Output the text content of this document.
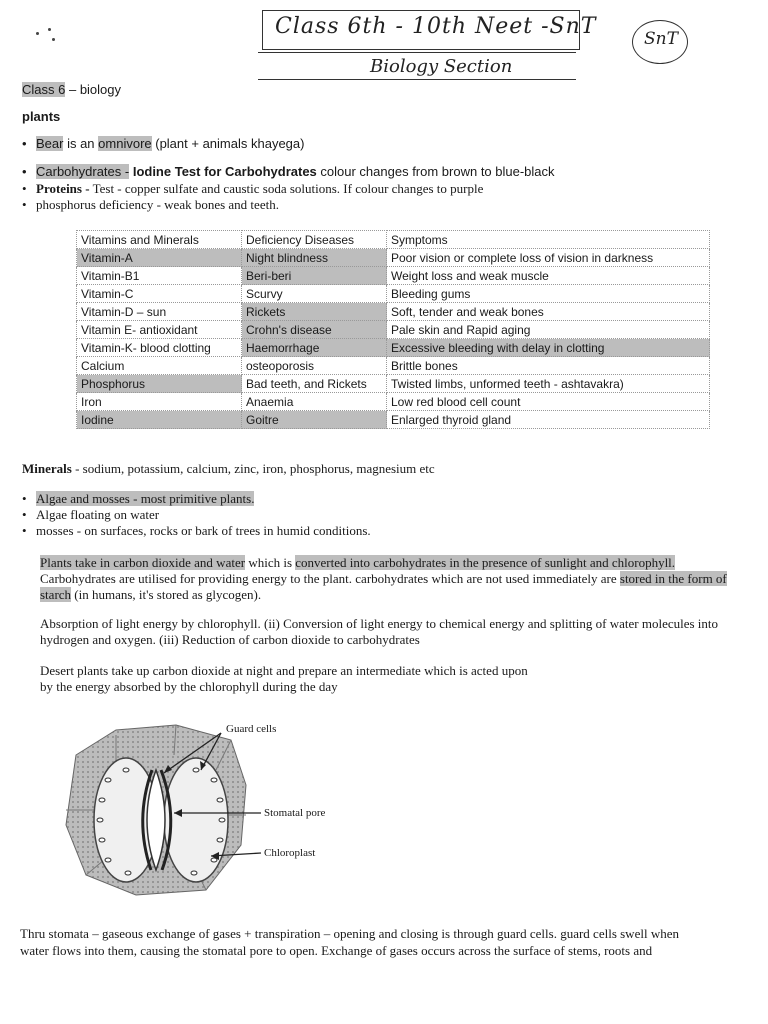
Class 6th - 10th Neet -SnT
Biology Section
SnT
Class 6 – biology
plants
• Bear is an omnivore (plant + animals khayega)
• Carbohydrates - Iodine Test for Carbohydrates colour changes from brown to blue-black
• Proteins - Test - copper sulfate and caustic soda solutions. If colour changes to purple
• phosphorus deficiency - weak bones and teeth.
Vitamins and Minerals	Deficiency Diseases	Symptoms
Vitamin-A	Night blindness	Poor vision or complete loss of vision in darkness
Vitamin-B1	Beri-beri	Weight loss and weak muscle
Vitamin-C	Scurvy	Bleeding gums
Vitamin-D – sun	Rickets	Soft, tender and weak bones
Vitamin E- antioxidant	Crohn's disease	Pale skin and Rapid aging
Vitamin-K- blood clotting	Haemorrhage	Excessive bleeding with delay in clotting
Calcium	osteoporosis	Brittle bones
Phosphorus	Bad teeth, and Rickets	Twisted limbs, unformed teeth - ashtavakra)
Iron	Anaemia	Low red blood cell count
Iodine	Goitre	Enlarged thyroid gland
Minerals - sodium, potassium, calcium, zinc, iron, phosphorus, magnesium etc
• Algae and mosses - most primitive plants.
• Algae floating on water
• mosses - on surfaces, rocks or bark of trees in humid conditions.
Plants take in carbon dioxide and water which is converted into carbohydrates in the presence of sunlight and chlorophyll. Carbohydrates are utilised for providing energy to the plant. carbohydrates which are not used immediately are stored in the form of starch (in humans, it's stored as glycogen).
Absorption of light energy by chlorophyll. (ii) Conversion of light energy to chemical energy and splitting of water molecules into hydrogen and oxygen. (iii) Reduction of carbon dioxide to carbohydrates
Desert plants take up carbon dioxide at night and prepare an intermediate which is acted upon
by the energy absorbed by the chlorophyll during the day
Guard cells
Stomatal pore
Chloroplast
Thru stomata – gaseous exchange of gases + transpiration – opening and closing is through guard cells. guard cells swell when
water flows into them, causing the stomatal pore to open. Exchange of gases occurs across the surface of stems, roots and
